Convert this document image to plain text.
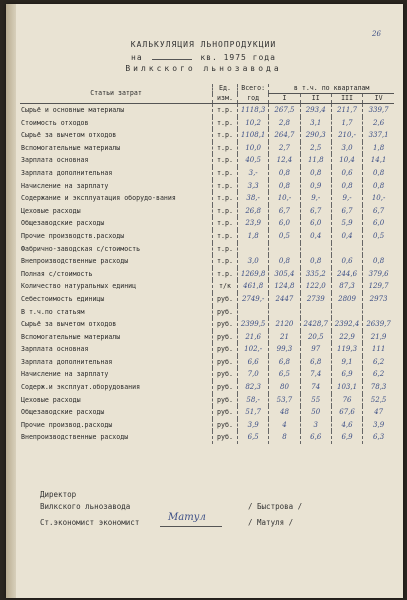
26
КАЛЬКУЛЯЦИЯ ЛЬНОПРОДУКЦИИ
на	кв. 1975 года
Вилкского льнозавода
Статьи затрат	Ед.	Всего:	в т.ч. по кварталам			
	изм.	год	I	II	III	IV
Сырьё и основные материалы	т.р.	1118,3	267,5	293,4	211,7	339,7
Стоимость отходов	т.р.	10,2	2,8	3,1	1,7	2,6
Сырьё за вычетом отходов	т.р.	1108,1	264,7	290,3	210,-	337,1
Вспомогательные материалы	т.р.	10,0	2,7	2,5	3,0	1,8
Зарплата основная	т.р.	40,5	12,4	11,8	10,4	14,1
Зарплата дополнительная	т.р.	3,-	0,8	0,8	0,6	0,8
Начисление на зарплату	т.р.	3,3	0,8	0,9	0,8	0,8
Содержание и эксплуатация оборудо-вания	т.р.	38,-	10,-	9,-	9,-	10,-
Цеховые расходы	т.р.	26,8	6,7	6,7	6,7	6,7
Общезаводские расходы	т.р.	23,9	6,0	6,0	5,9	6,0
Прочие производств.расходы	т.р.	1,8	0,5	0,4	0,4	0,5
Фабрично-заводская с/стоимость	т.р.					
Внепроизводственные расходы	т.р.	3,0	0,8	0,8	0,6	0,8
Полная с/стоимость	т.р.	1269,8	305,4	335,2	244,6	379,6
Количество натуральных единиц	т/к	461,8	124,8	122,0	87,3	129,7
Себестоимость единицы	руб.	2749,-	2447	2739	2809	2973
В т.ч.по статьям	руб.					
Сырьё за вычетом отходов	руб.	2399,5	2120	2428,7	2392,4	2639,7
Вспомогательные материалы	руб.	21,6	21	20,5	22,9	21,9
Зарплата основная	руб.	102,-	99,3	97	119,3	111
Зарплата дополнительная	руб.	6,6	6,8	6,8	9,1	6,2
Начисление на зарплату	руб.	7,0	6,5	7,4	6,9	6,2
Содерж.и эксплуат.оборудования	руб.	82,3	80	74	103,1	78,3
Цеховые расходы	руб.	58,-	53,7	55	76	52,5
Общезаводские расходы	руб.	51,7	48	50	67,6	47
Прочие производ.расходы	руб.	3,9	4	3	4,6	3,9
Внепроизводственные расходы	руб.	6,5	8	6,6	6,9	6,3
Директор
Вилкского льнозавода	/ Быстрова /
Ст.экономист экономист	Матул	/ Матуля /
